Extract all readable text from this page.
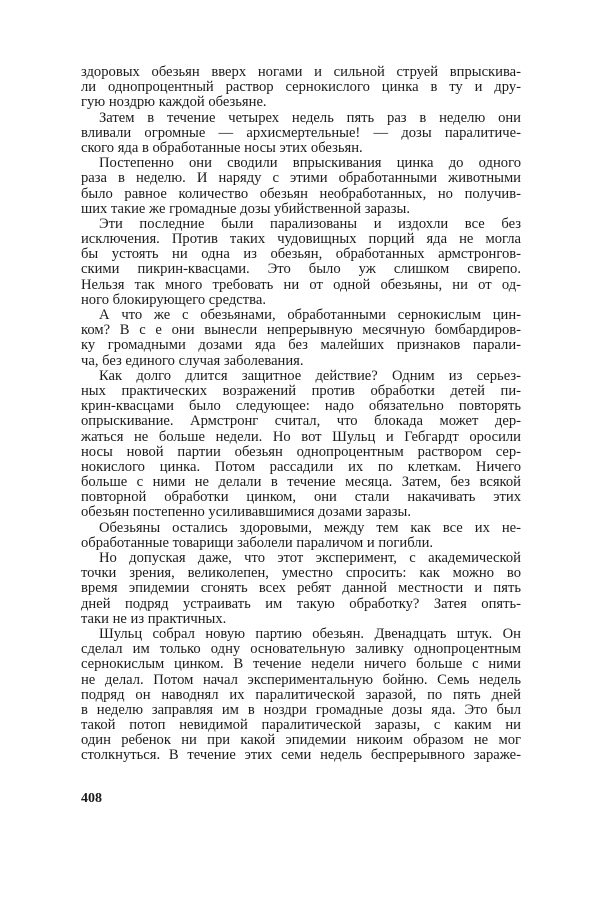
здоровых обезьян вверх ногами и сильной струей впрыскива-
ли однопроцентный раствор сернокислого цинка в ту и дру-
гую ноздрю каждой обезьяне.
Затем в течение четырех недель пять раз в неделю они
вливали огромные — архисмертельные! — дозы паралитиче-
ского яда в обработанные носы этих обезьян.
Постепенно они сводили впрыскивания цинка до одного
раза в неделю. И наряду с этими обработанными животными
было равное количество обезьян необработанных, но получив-
ших такие же громадные дозы убийственной заразы.
Эти последние были парализованы и издохли все без
исключения. Против таких чудовищных порций яда не могла
бы устоять ни одна из обезьян, обработанных армстронгов-
скими пикрин-квасцами. Это было уж слишком свирепо.
Нельзя так много требовать ни от одной обезьяны, ни от од-
ного блокирующего средства.
А что же с обезьянами, обработанными сернокислым цин-
ком? В с е они вынесли непрерывную месячную бомбардиров-
ку громадными дозами яда без малейших признаков парали-
ча, без единого случая заболевания.
Как долго длится защитное действие? Одним из серьез-
ных практических возражений против обработки детей пи-
крин-квасцами было следующее: надо обязательно повторять
опрыскивание. Армстронг считал, что блокада может дер-
жаться не больше недели. Но вот Шульц и Гебгардт оросили
носы новой партии обезьян однопроцентным раствором сер-
нокислого цинка. Потом рассадили их по клеткам. Ничего
больше с ними не делали в течение месяца. Затем, без всякой
повторной обработки цинком, они стали накачивать этих
обезьян постепенно усиливавшимися дозами заразы.
Обезьяны остались здоровыми, между тем как все их не-
обработанные товарищи заболели параличом и погибли.
Но допуская даже, что этот эксперимент, с академической
точки зрения, великолепен, уместно спросить: как можно во
время эпидемии сгонять всех ребят данной местности и пять
дней подряд устраивать им такую обработку? Затея опять-
таки не из практичных.
Шульц собрал новую партию обезьян. Двенадцать штук. Он
сделал им только одну основательную заливку однопроцентным
сернокислым цинком. В течение недели ничего больше с ними
не делал. Потом начал экспериментальную бойню. Семь недель
подряд он наводнял их паралитической заразой, по пять дней
в неделю заправляя им в ноздри громадные дозы яда. Это был
такой потоп невидимой паралитической заразы, с каким ни
один ребенок ни при какой эпидемии никоим образом не мог
столкнуться. В течение этих семи недель беспрерывного зараже-
408
